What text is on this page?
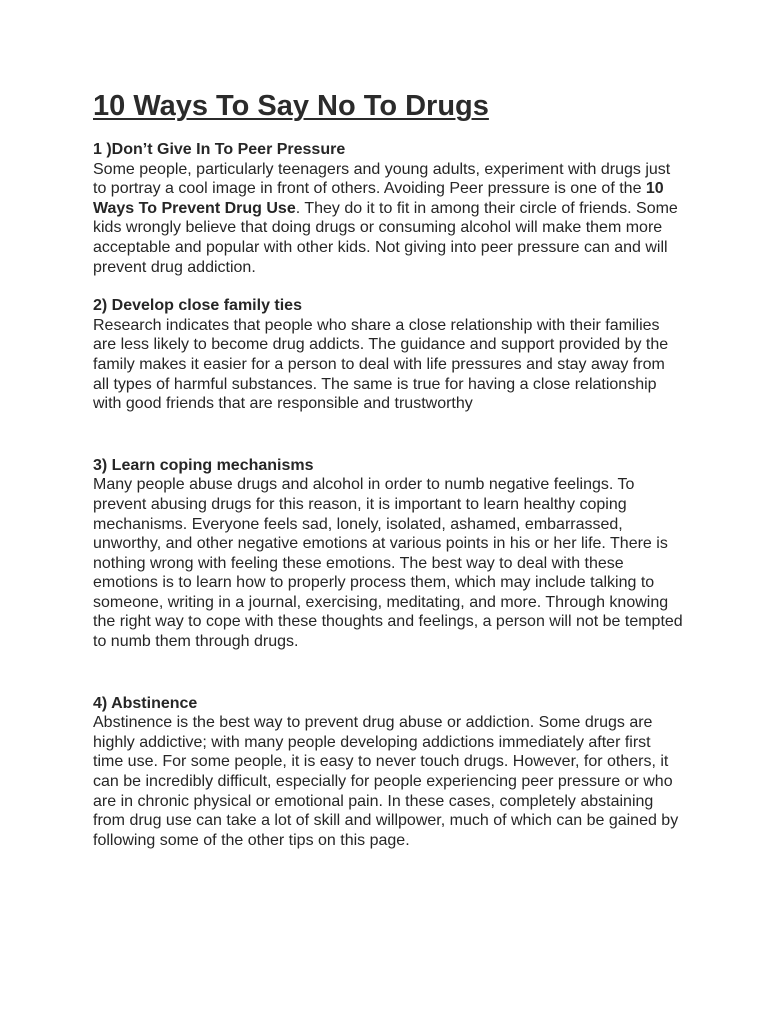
10 Ways To Say No To Drugs

1 )Don’t Give In To Peer Pressure

Some people, particularly teenagers and young adults, experiment with drugs just to portray a cool image in front of others. Avoiding Peer pressure is one of the 10 Ways To Prevent Drug Use. They do it to fit in among their circle of friends. Some kids wrongly believe that doing drugs or consuming alcohol will make them more acceptable and popular with other kids. Not giving into peer pressure can and will prevent drug addiction.

2) Develop close family ties

Research indicates that people who share a close relationship with their families are less likely to become drug addicts. The guidance and support provided by the family makes it easier for a person to deal with life pressures and stay away from all types of harmful substances. The same is true for having a close relationship with good friends that are responsible and trustworthy

3) Learn coping mechanisms

Many people abuse drugs and alcohol in order to numb negative feelings. To prevent abusing drugs for this reason, it is important to learn healthy coping mechanisms. Everyone feels sad, lonely, isolated, ashamed, embarrassed, unworthy, and other negative emotions at various points in his or her life. There is nothing wrong with feeling these emotions. The best way to deal with these emotions is to learn how to properly process them, which may include talking to someone, writing in a journal, exercising, meditating, and more. Through knowing the right way to cope with these thoughts and feelings, a person will not be tempted to numb them through drugs.

4) Abstinence

Abstinence is the best way to prevent drug abuse or addiction. Some drugs are highly addictive; with many people developing addictions immediately after first time use. For some people, it is easy to never touch drugs. However, for others, it can be incredibly difficult, especially for people experiencing peer pressure or who are in chronic physical or emotional pain. In these cases, completely abstaining from drug use can take a lot of skill and willpower, much of which can be gained by following some of the other tips on this page.
